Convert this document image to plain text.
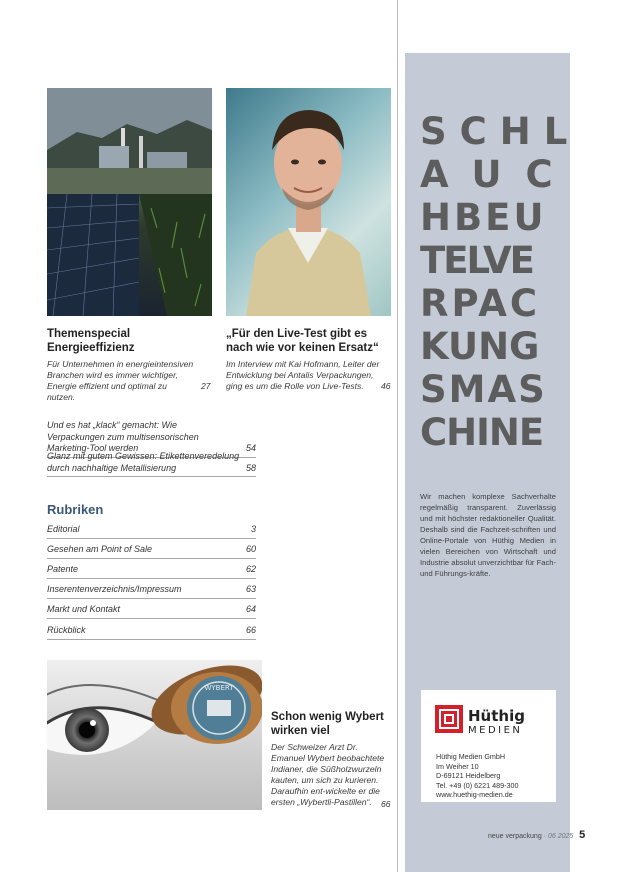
Themenspecial Energieeffizienz
Für Unternehmen in energieintensiven Branchen wird es immer wichtiger, Energie effizient und optimal zu nutzen.
27
„Für den Live-Test gibt es nach wie vor keinen Ersatz“
Im Interview mit Kai Hofmann, Leiter der Entwicklung bei Antalis Verpackungen, ging es um die Rolle von Live-Tests.	46
Und es hat „klack“ gemacht: Wie Verpackungen zum multisensorischen Marketing-Tool werden	54
Glanz mit gutem Gewissen: Etikettenveredelung durch nachhaltige Metallisierung	58
Rubriken
Editorial	3
Gesehen am Point of Sale	60
Patente	62
Inserentenverzeichnis/Impressum	63
Markt und Kontakt	64
Rückblick	66
WYBERT
Schon wenig Wybert wirken viel
Der Schweizer Arzt Dr. Emanuel Wybert beobachtete Indianer, die Süßholzwurzeln kauten, um sich zu kurieren. Daraufhin ent-wickelte er die ersten „Wybertli-Pastillen“.	66
SCHL
AUC
HBEU
TELVE
RPAC
KUNG
SMAS
CHINE
Wir machen komplexe Sachverhalte regelmäßig transparent. Zuverlässig und mit höchster redaktioneller Qualität. Deshalb sind die Fachzeit-schriften und Online-Portale von Hüthig Medien in vielen Bereichen von Wirtschaft und Industrie absolut unverzichtbar für Fach- und Führungs-kräfte.
Hüthig
MEDIEN
Hüthig Medien GmbH
Im Weiher 10
D-69121 Heidelberg
Tel. +49 (0) 6221 489-300
www.huethig-medien.de
neue verpackung · 06 2025 5
